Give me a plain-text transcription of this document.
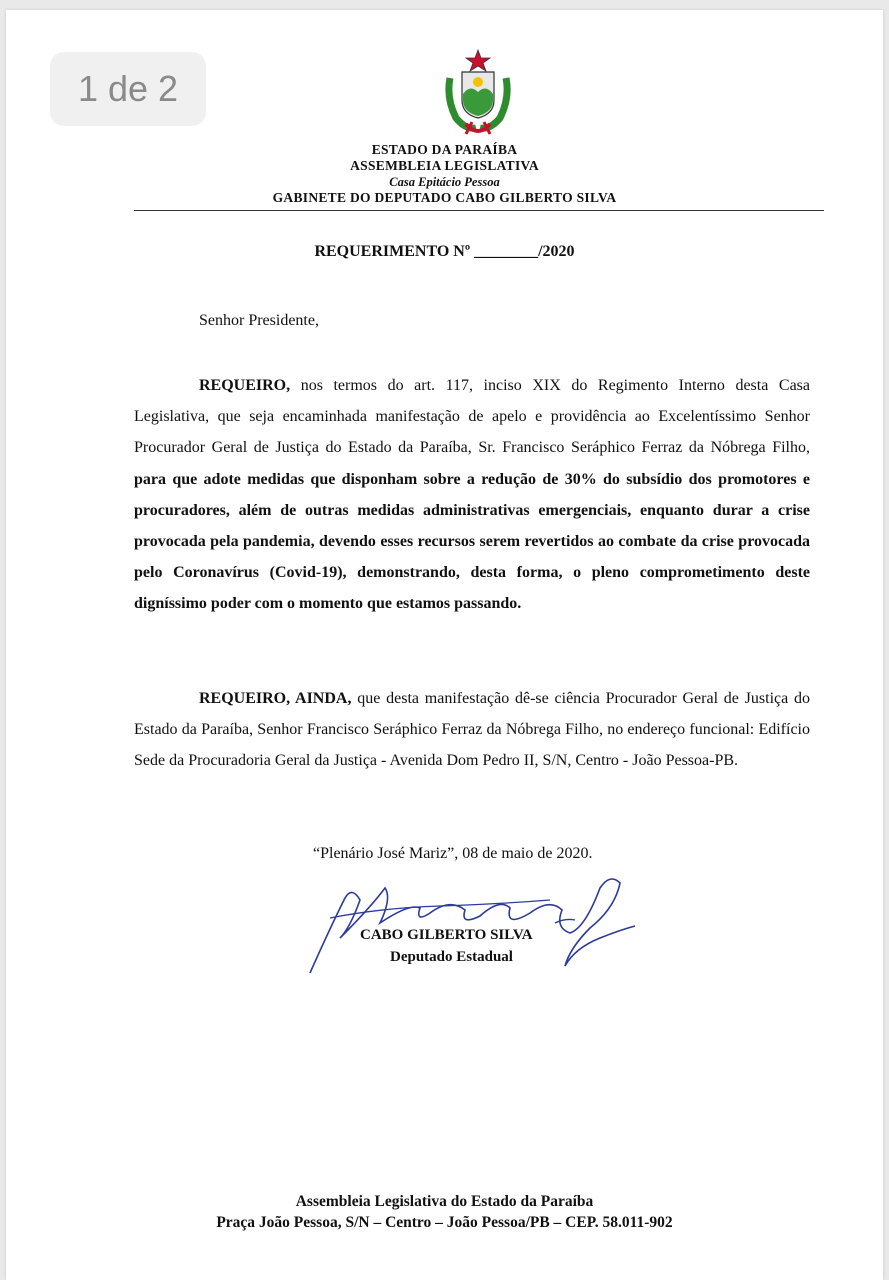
1 de 2
ESTADO DA PARAÍBA
ASSEMBLEIA LEGISLATIVA
Casa Epitácio Pessoa
GABINETE DO DEPUTADO CABO GILBERTO SILVA
REQUERIMENTO Nº ________/2020
Senhor Presidente,

REQUEIRO, nos termos do art. 117, inciso XIX do Regimento Interno desta Casa Legislativa, que seja encaminhada manifestação de apelo e providência ao Excelentíssimo Senhor Procurador Geral de Justiça do Estado da Paraíba, Sr. Francisco Seráphico Ferraz da Nóbrega Filho, para que adote medidas que disponham sobre a redução de 30% do subsídio dos promotores e procuradores, além de outras medidas administrativas emergenciais, enquanto durar a crise provocada pela pandemia, devendo esses recursos serem revertidos ao combate da crise provocada pelo Coronavírus (Covid-19), demonstrando, desta forma, o pleno comprometimento deste digníssimo poder com o momento que estamos passando.

REQUEIRO, AINDA, que desta manifestação dê-se ciência Procurador Geral de Justiça do Estado da Paraíba, Senhor Francisco Seráphico Ferraz da Nóbrega Filho, no endereço funcional: Edifício Sede da Procuradoria Geral da Justiça - Avenida Dom Pedro II, S/N, Centro - João Pessoa-PB.

“Plenário José Mariz”, 08 de maio de 2020.
CABO GILBERTO SILVA
Deputado Estadual
Assembleia Legislativa do Estado da Paraíba
Praça João Pessoa, S/N – Centro – João Pessoa/PB – CEP. 58.011-902
